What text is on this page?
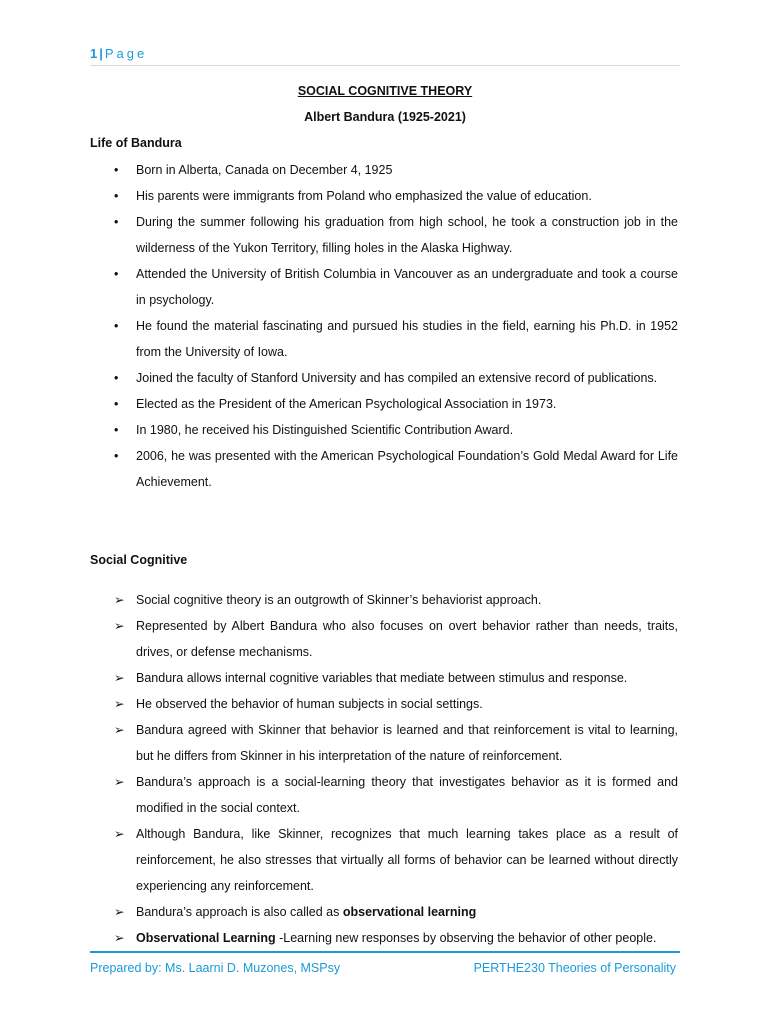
1 | Page
SOCIAL COGNITIVE THEORY
Albert Bandura (1925-2021)
Life of Bandura
• Born in Alberta, Canada on December 4, 1925
• His parents were immigrants from Poland who emphasized the value of education.
• During the summer following his graduation from high school, he took a construction job in the wilderness of the Yukon Territory, filling holes in the Alaska Highway.
• Attended the University of British Columbia in Vancouver as an undergraduate and took a course in psychology.
• He found the material fascinating and pursued his studies in the field, earning his Ph.D. in 1952 from the University of Iowa.
• Joined the faculty of Stanford University and has compiled an extensive record of publications.
• Elected as the President of the American Psychological Association in 1973.
• In 1980, he received his Distinguished Scientific Contribution Award.
• 2006, he was presented with the American Psychological Foundation’s Gold Medal Award for Life Achievement.
Social Cognitive
➢ Social cognitive theory is an outgrowth of Skinner’s behaviorist approach.
➢ Represented by Albert Bandura who also focuses on overt behavior rather than needs, traits, drives, or defense mechanisms.
➢ Bandura allows internal cognitive variables that mediate between stimulus and response.
➢ He observed the behavior of human subjects in social settings.
➢ Bandura agreed with Skinner that behavior is learned and that reinforcement is vital to learning, but he differs from Skinner in his interpretation of the nature of reinforcement.
➢ Bandura’s approach is a social-learning theory that investigates behavior as it is formed and modified in the social context.
➢ Although Bandura, like Skinner, recognizes that much learning takes place as a result of reinforcement, he also stresses that virtually all forms of behavior can be learned without directly experiencing any reinforcement.
➢ Bandura’s approach is also called as observational learning
➢ Observational Learning -Learning new responses by observing the behavior of other people.
Prepared by: Ms. Laarni D. Muzones, MSPsy	PERTHE230 Theories of Personality
